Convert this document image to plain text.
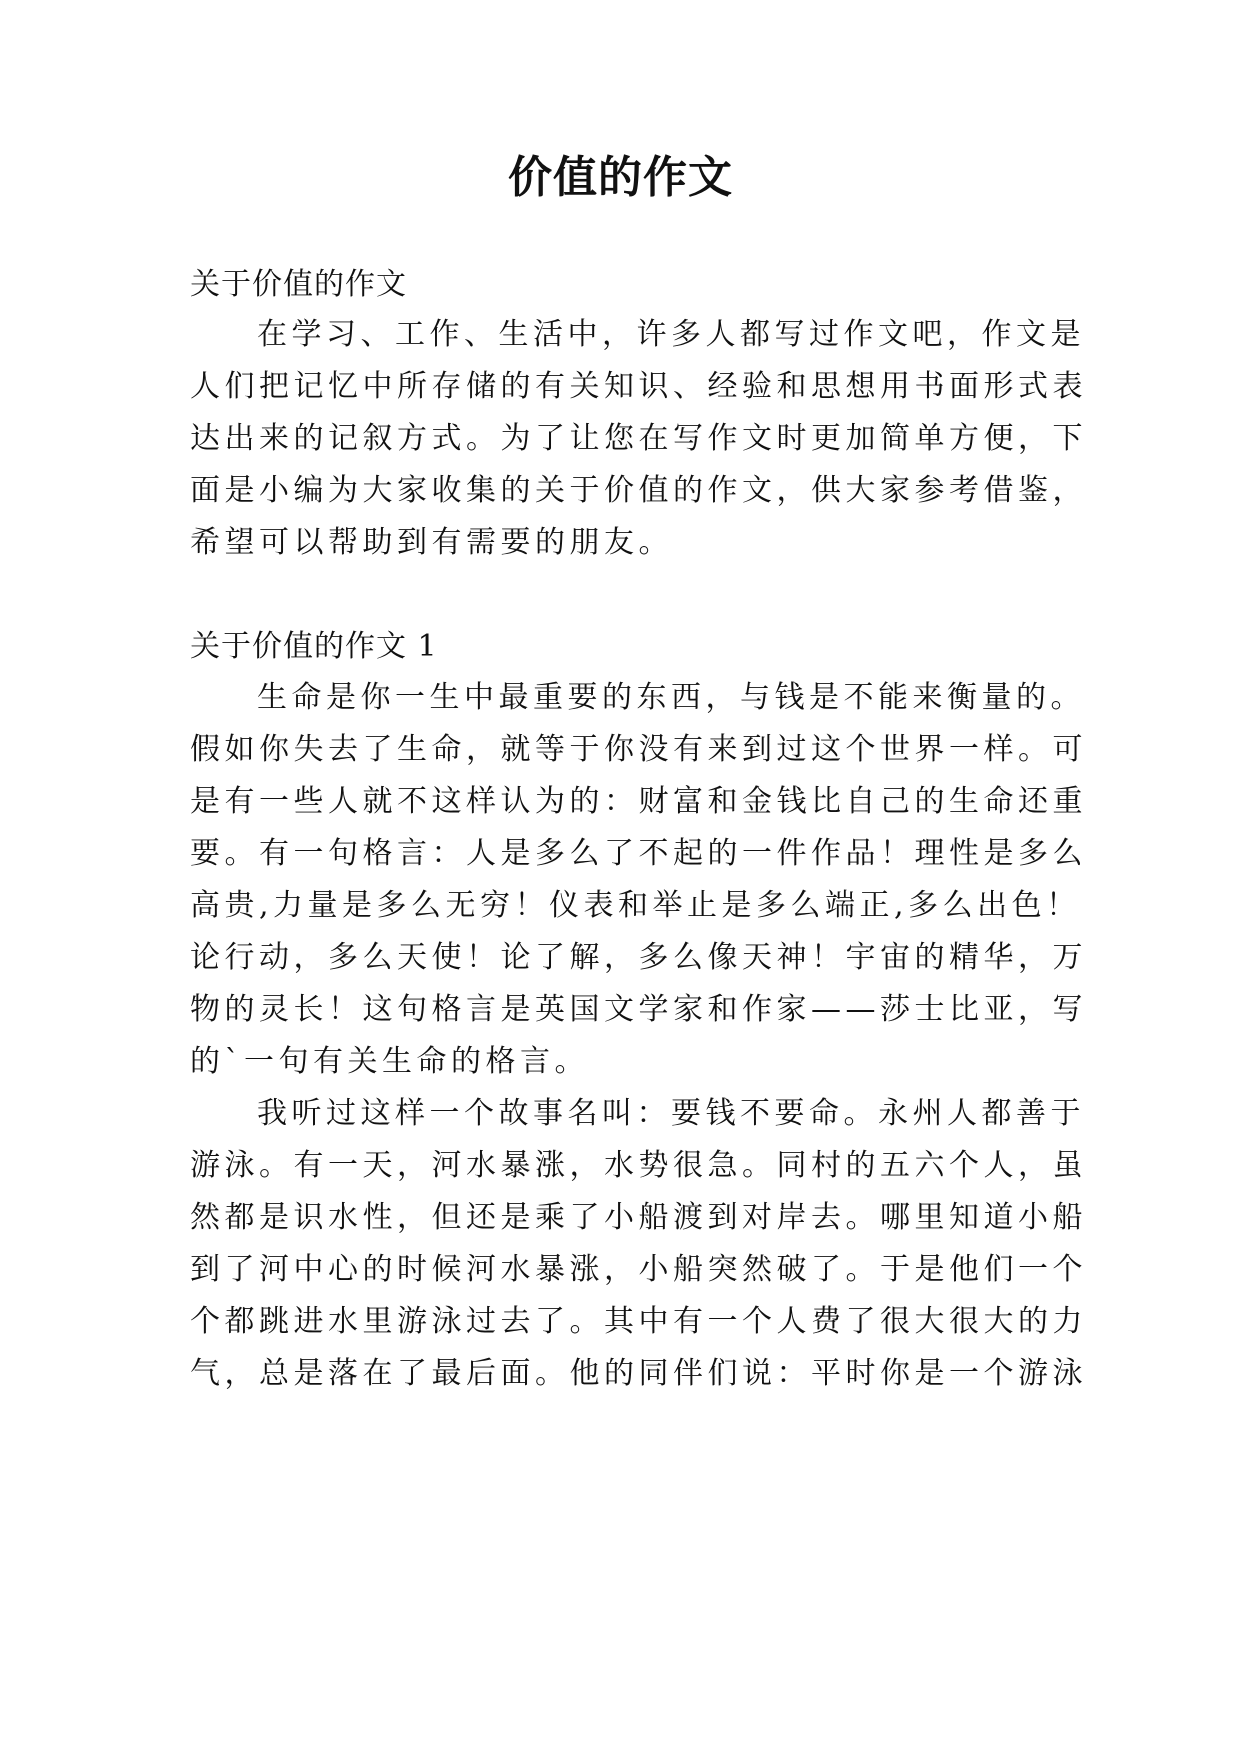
价值的作文
关于价值的作文
在学习、工作、生活中，许多人都写过作文吧，作文是
人们把记忆中所存储的有关知识、经验和思想用书面形式表
达出来的记叙方式。为了让您在写作文时更加简单方便，下
面是小编为大家收集的关于价值的作文，供大家参考借鉴，
希望可以帮助到有需要的朋友。
关于价值的作文 1
生命是你一生中最重要的东西，与钱是不能来衡量的。
假如你失去了生命，就等于你没有来到过这个世界一样。可
是有一些人就不这样认为的：财富和金钱比自己的生命还重
要。有一句格言：人是多么了不起的一件作品！理性是多么
高贵,力量是多么无穷！仪表和举止是多么端正,多么出色！
论行动，多么天使！论了解，多么像天神！宇宙的精华，万
物的灵长！这句格言是英国文学家和作家——莎士比亚，写
的`一句有关生命的格言。
我听过这样一个故事名叫：要钱不要命。永州人都善于
游泳。有一天，河水暴涨，水势很急。同村的五六个人，虽
然都是识水性，但还是乘了小船渡到对岸去。哪里知道小船
到了河中心的时候河水暴涨，小船突然破了。于是他们一个
个都跳进水里游泳过去了。其中有一个人费了很大很大的力
气，总是落在了最后面。他的同伴们说：平时你是一个游泳
